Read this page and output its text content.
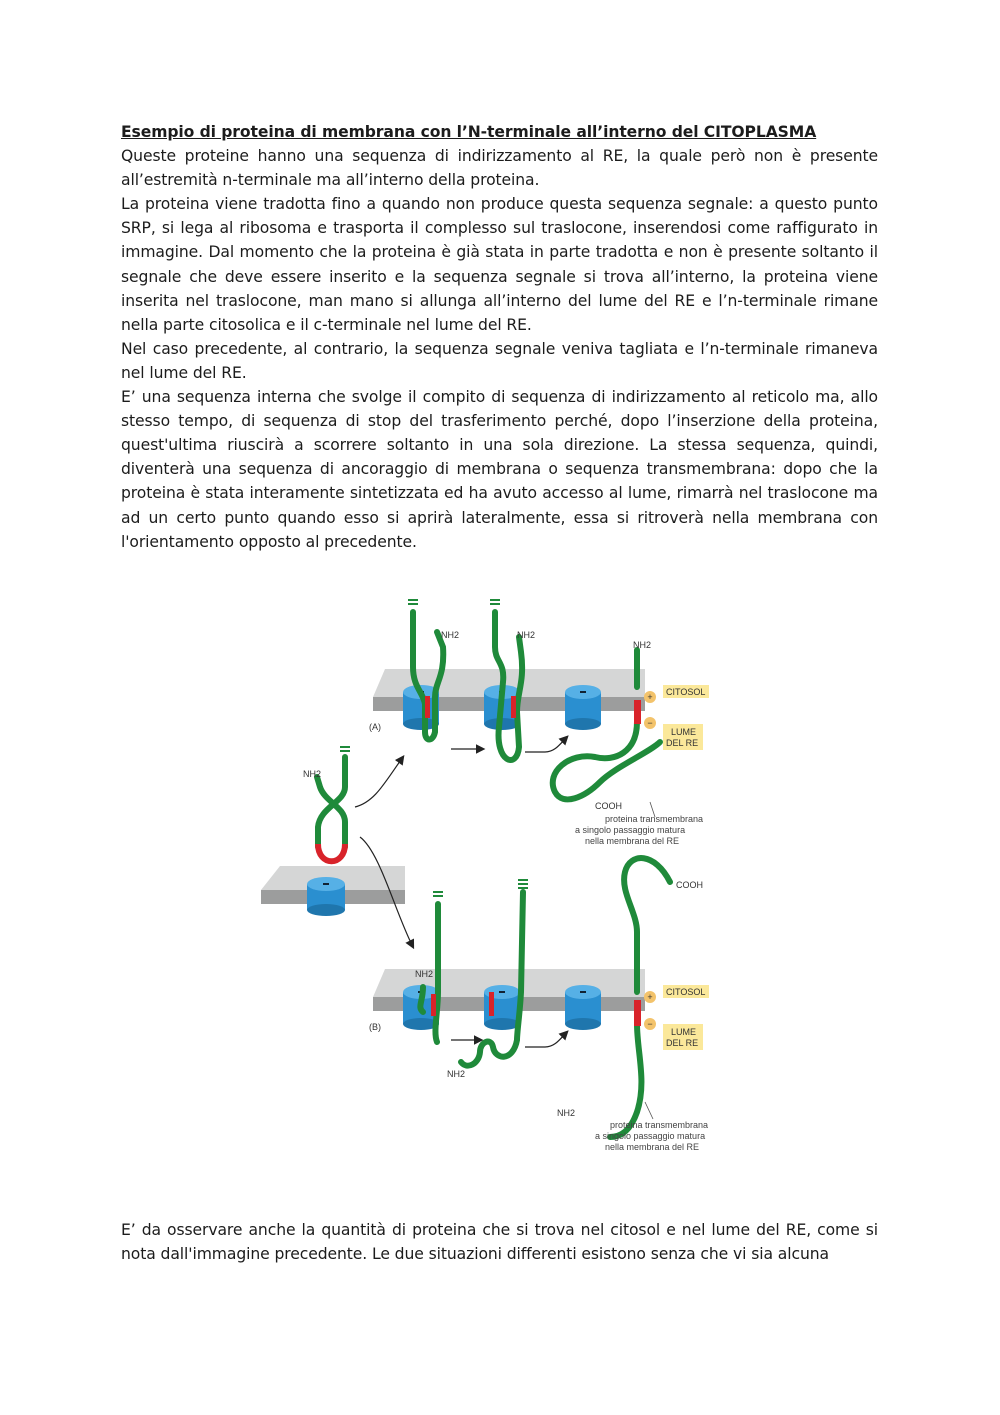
Esempio di proteina di membrana con l’N-terminale all’interno del CITOPLASMA

Queste proteine hanno una sequenza di indirizzamento al RE, la quale però non è presente all’estremità n-terminale ma all’interno della proteina.

La proteina viene tradotta fino a quando non produce questa sequenza segnale: a questo punto SRP, si lega al ribosoma e trasporta il complesso sul traslocone, inserendosi come raffigurato in immagine. Dal momento che la proteina è già stata in parte tradotta e non è presente soltanto il segnale che deve essere inserito e la sequenza segnale si trova all’interno, la proteina viene inserita nel traslocone, man mano si allunga all’interno del lume del RE e l’n-terminale rimane nella parte citosolica e il c-terminale nel lume del RE.

Nel caso precedente, al contrario, la sequenza segnale veniva tagliata e l’n-terminale rimaneva nel lume del RE.

E’ una sequenza interna che svolge il compito di sequenza di indirizzamento al reticolo ma, allo stesso tempo, di sequenza di stop del trasferimento perché, dopo l’inserzione della proteina, quest'ultima riuscirà a scorrere soltanto in una sola direzione. La stessa sequenza, quindi, diventerà una sequenza di ancoraggio di membrana o sequenza transmembrana: dopo che la proteina è stata interamente sintetizzata ed ha avuto accesso al lume, rimarrà nel traslocone ma ad un certo punto quando esso si aprirà lateralmente, essa si ritroverà nella membrana con l'orientamento opposto al precedente.

+
−
CITOSOL
LUME
DEL RE
NH2	NH2
NH2
(A)
COOH
proteina transmembrana
a singolo passaggio matura
nella membrana del RE
NH2
+
−
CITOSOL
LUME
DEL RE
NH2
NH2
NH2
COOH
(B)
proteina transmembrana
a singolo passaggio matura
nella membrana del RE

E’ da osservare anche la quantità di proteina che si trova nel citosol e nel lume del RE, come si nota dall'immagine precedente. Le due situazioni differenti esistono senza che vi sia alcuna
